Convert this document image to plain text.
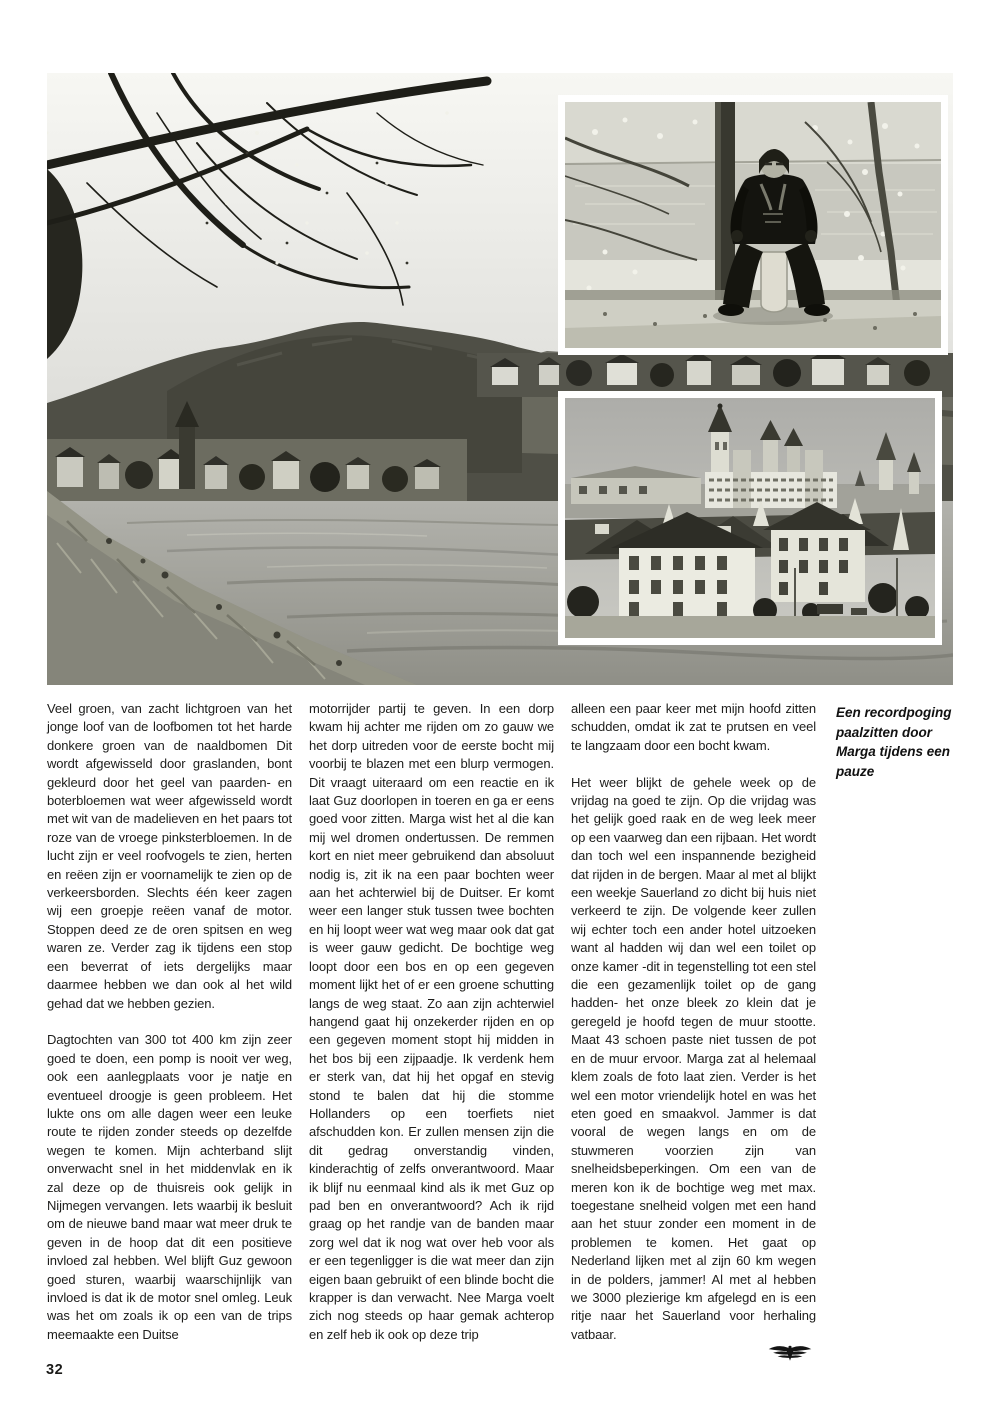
Veel groen, van zacht lichtgroen van het jonge loof van de loofbomen tot het harde donkere groen van de naaldbomen Dit wordt afgewisseld door graslanden, bont gekleurd door het geel van paarden- en boterbloemen wat weer afgewisseld wordt met wit van de madelieven en het paars tot roze van de vroege pinksterbloemen. In de lucht zijn er veel roofvogels te zien, herten en reëen zijn er voornamelijk te zien op de verkeersborden. Slechts één keer zagen wij een groepje reëen vanaf de motor. Stoppen deed ze de oren spitsen en weg waren ze. Verder zag ik tijdens een stop een beverrat of iets dergelijks maar daarmee hebben we dan ook al het wild gehad dat we hebben gezien.

Dagtochten van 300 tot 400 km zijn zeer goed te doen, een pomp is nooit ver weg, ook een aanlegplaats voor je natje en eventueel droogje is geen probleem. Het lukte ons om alle dagen weer een leuke route te rijden zonder steeds op dezelfde wegen te komen. Mijn achterband slijt onverwacht snel in het middenvlak en ik zal deze op de thuisreis ook gelijk in Nijmegen vervangen. Iets waarbij ik besluit om de nieuwe band maar wat meer druk te geven in de hoop dat dit een positieve invloed zal hebben. Wel blijft Guz gewoon goed sturen, waarbij waarschijnlijk van invloed is dat ik de motor snel omleg. Leuk was het om zoals ik op een van de trips meemaakte een Duitse

motorrijder partij te geven. In een dorp kwam hij achter me rijden om zo gauw we het dorp uitreden voor de eerste bocht mij voorbij te blazen met een blurp vermogen. Dit vraagt uiteraard om een reactie en ik laat Guz doorlopen in toeren en ga er eens goed voor zitten. Marga wist het al die kan mij wel dromen ondertussen. De remmen kort en niet meer gebruikend dan absoluut nodig is, zit ik na een paar bochten weer aan het achterwiel bij de Duitser. Er komt weer een langer stuk tussen twee bochten en hij loopt weer wat weg maar ook dat gat is weer gauw gedicht. De bochtige weg loopt door een bos en op een gegeven moment lijkt het of er een groene schutting langs de weg staat. Zo aan zijn achterwiel hangend gaat hij onzekerder rijden en op een gegeven moment stopt hij midden in het bos bij een zijpaadje. Ik verdenk hem er sterk van, dat hij het opgaf en stevig stond te balen dat hij die stomme Hollanders op een toerfiets niet afschudden kon. Er zullen mensen zijn die dit gedrag onverstandig vinden, kinderachtig of zelfs onverantwoord. Maar ik blijf nu eenmaal kind als ik met Guz op pad ben en onverantwoord? Ach ik rijd graag op het randje van de banden maar zorg wel dat ik nog wat over heb voor als er een tegenligger is die wat meer dan zijn eigen baan gebruikt of een blinde bocht die krapper is dan verwacht. Nee Marga voelt zich nog steeds op haar gemak achterop en zelf heb ik ook op deze trip

alleen een paar keer met mijn hoofd zitten schudden, omdat ik zat te prutsen en veel te langzaam door een bocht kwam.

Het weer blijkt de gehele week op de vrijdag na goed te zijn. Op die vrijdag was het gelijk goed raak en de weg leek meer op een vaarweg dan een rijbaan. Het wordt dan toch wel een inspannende bezigheid dat rijden in de bergen. Maar al met al blijkt een weekje Sauerland zo dicht bij huis niet verkeerd te zijn. De volgende keer zullen wij echter toch een ander hotel uitzoeken want al hadden wij dan wel een toilet op onze kamer -dit in tegenstelling tot een stel die een gezamenlijk toilet op de gang hadden- het onze bleek zo klein dat je geregeld je hoofd tegen de muur stootte. Maat 43 schoen paste niet tussen de pot en de muur ervoor. Marga zat al helemaal klem zoals de foto laat zien. Verder is het wel een motor vriendelijk hotel en was het eten goed en smaakvol. Jammer is dat vooral de wegen langs en om de stuwmeren voorzien zijn van snelheidsbeperkingen. Om een van de meren kon ik de bochtige weg met max. toegestane snelheid volgen met een hand aan het stuur zonder een moment in de problemen te komen. Het gaat op Nederland lijken met al zijn 60 km wegen in de polders, jammer! Al met al hebben we 3000 plezierige km afgelegd en is een ritje naar het Sauerland voor herhaling vatbaar.

Een recordpoging paalzitten door Marga tijdens een pauze
32
